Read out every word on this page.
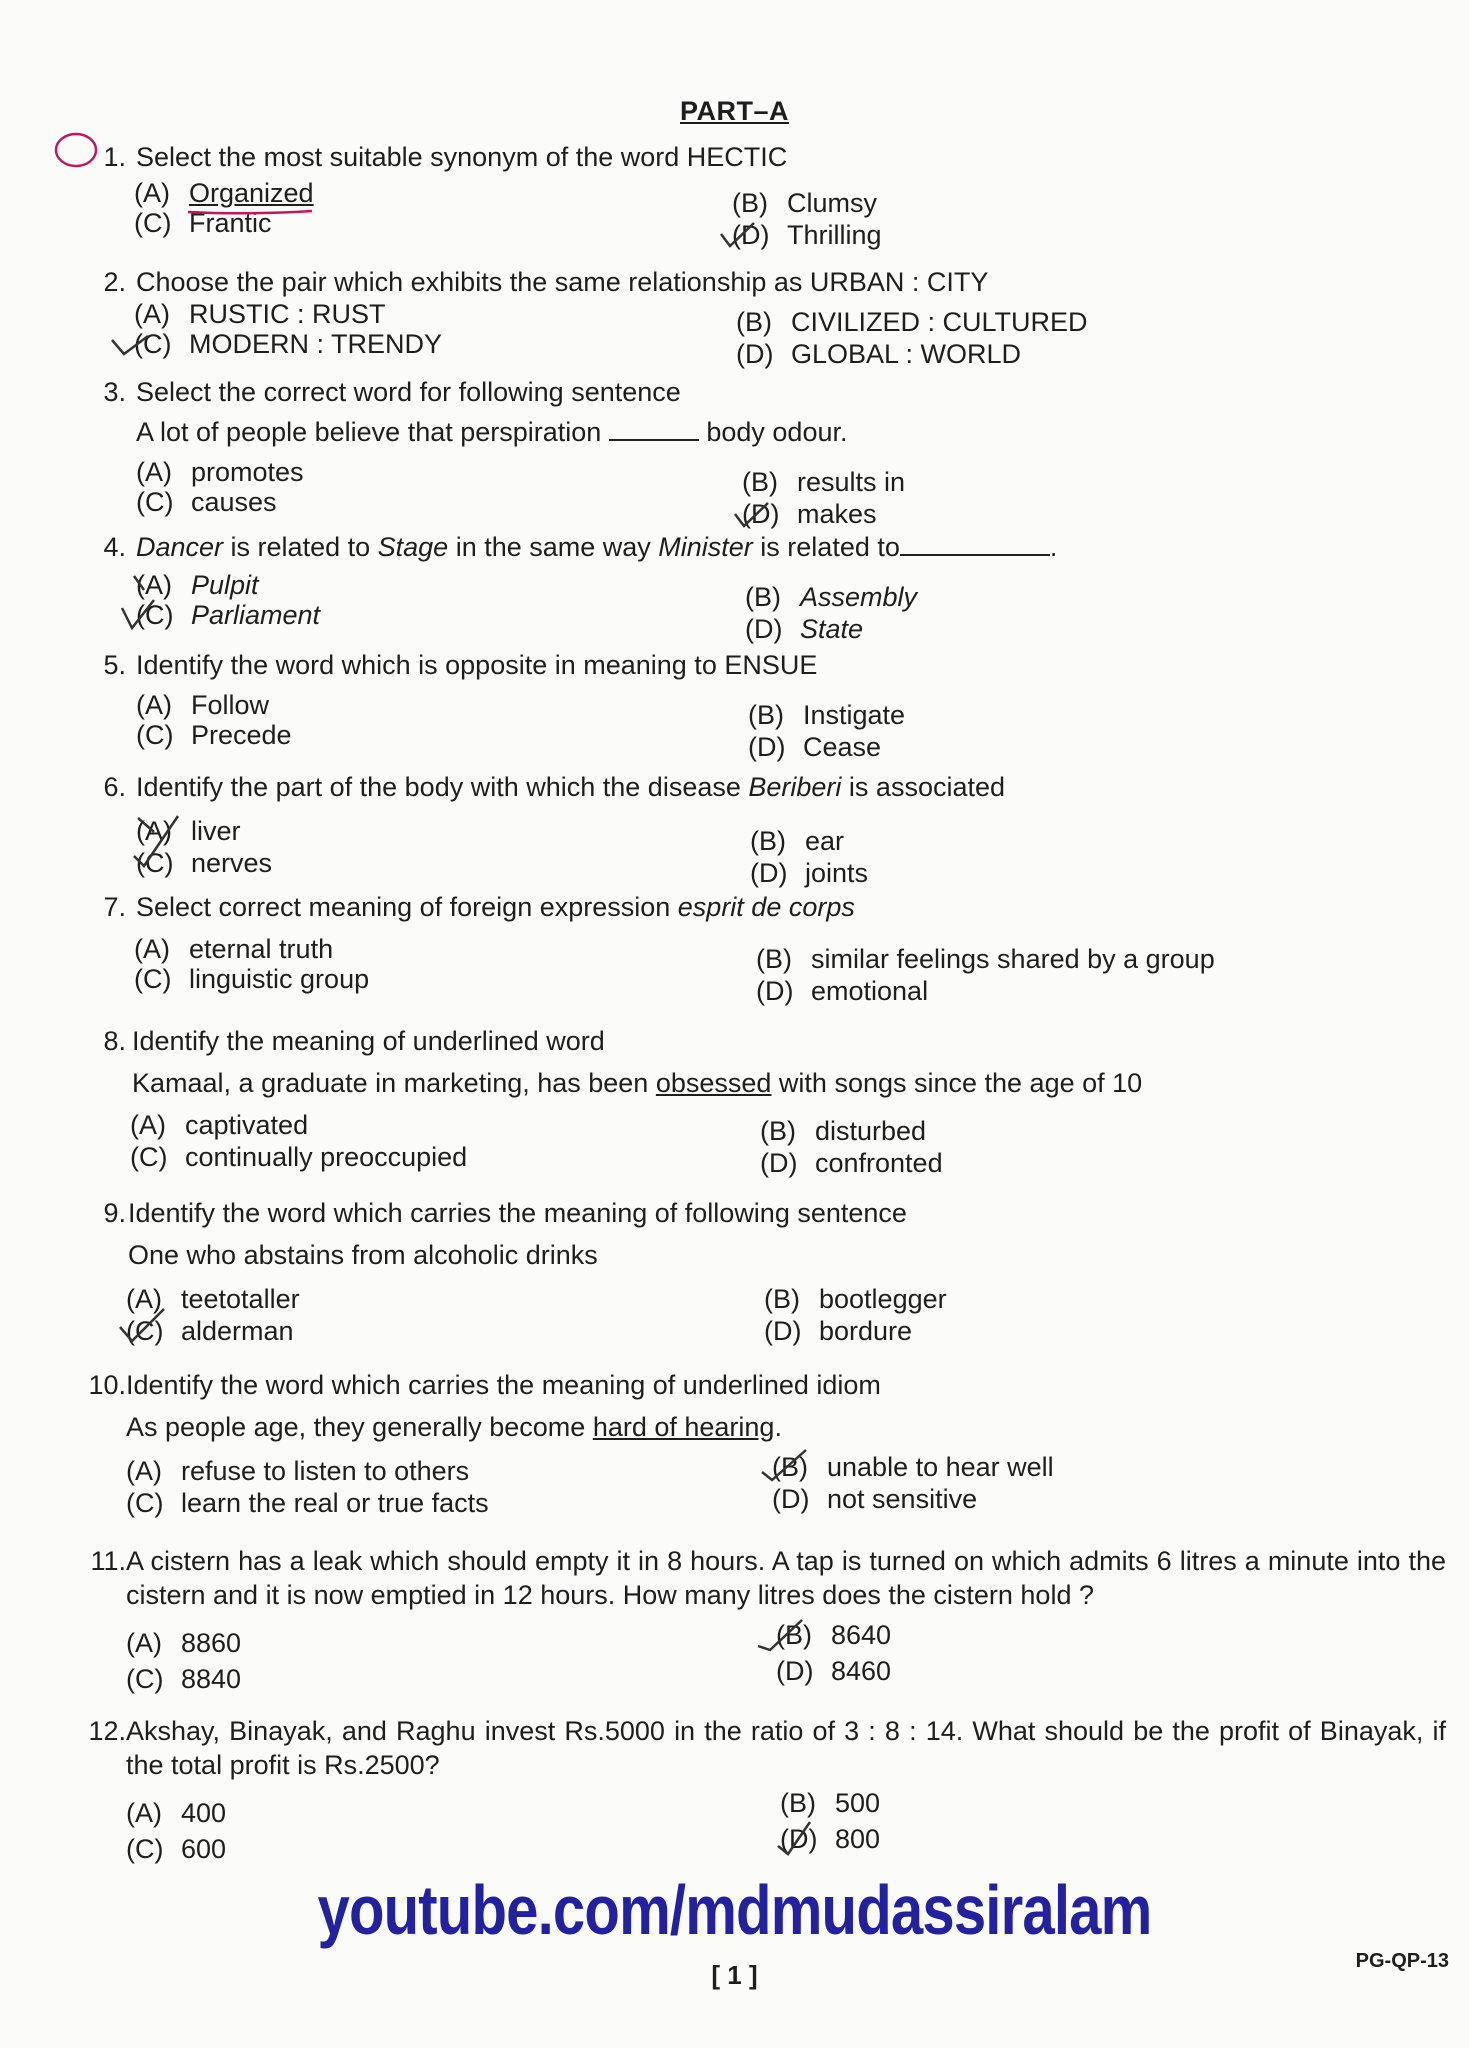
PART–A
1. Select the most suitable synonym of the word HECTIC
(A) Organized
(C) Frantic
(B) Clumsy
(D) Thrilling
2. Choose the pair which exhibits the same relationship as URBAN : CITY
(A) RUSTIC : RUST
(C) MODERN : TRENDY
(B) CIVILIZED : CULTURED
(D) GLOBAL : WORLD
3. Select the correct word for following sentence
A lot of people believe that perspiration	body odour.
(A) promotes
(C) causes
(B) results in
(D) makes
4. Dancer is related to Stage in the same way Minister is related to	.
(A) Pulpit
(C) Parliament
(B) Assembly
(D) State
5. Identify the word which is opposite in meaning to ENSUE
(A) Follow
(C) Precede
(B) Instigate
(D) Cease
6. Identify the part of the body with which the disease Beriberi is associated
(A) liver
(C) nerves
(B) ear
(D) joints
7. Select correct meaning of foreign expression esprit de corps
(A) eternal truth
(C) linguistic group
(B) similar feelings shared by a group
(D) emotional
8. Identify the meaning of underlined word
Kamaal, a graduate in marketing, has been obsessed with songs since the age of 10
(A) captivated
(C) continually preoccupied
(B) disturbed
(D) confronted
9. Identify the word which carries the meaning of following sentence
One who abstains from alcoholic drinks
(A) teetotaller
(C) alderman
(B) bootlegger
(D) bordure
10. Identify the word which carries the meaning of underlined idiom
As people age, they generally become hard of hearing.
(A) refuse to listen to others
(C) learn the real or true facts
(B) unable to hear well
(D) not sensitive
11. A cistern has a leak which should empty it in 8 hours. A tap is turned on which admits 6 litres a minute into the cistern and it is now emptied in 12 hours. How many litres does the cistern hold ?
(A) 8860
(C) 8840
(B) 8640
(D) 8460
12. Akshay, Binayak, and Raghu invest Rs.5000 in the ratio of 3 : 8 : 14. What should be the profit of Binayak, if the total profit is Rs.2500?
(A) 400
(C) 600
(B) 500
(D) 800
youtube.com/mdmudassiralam
[ 1 ]	PG-QP-13
